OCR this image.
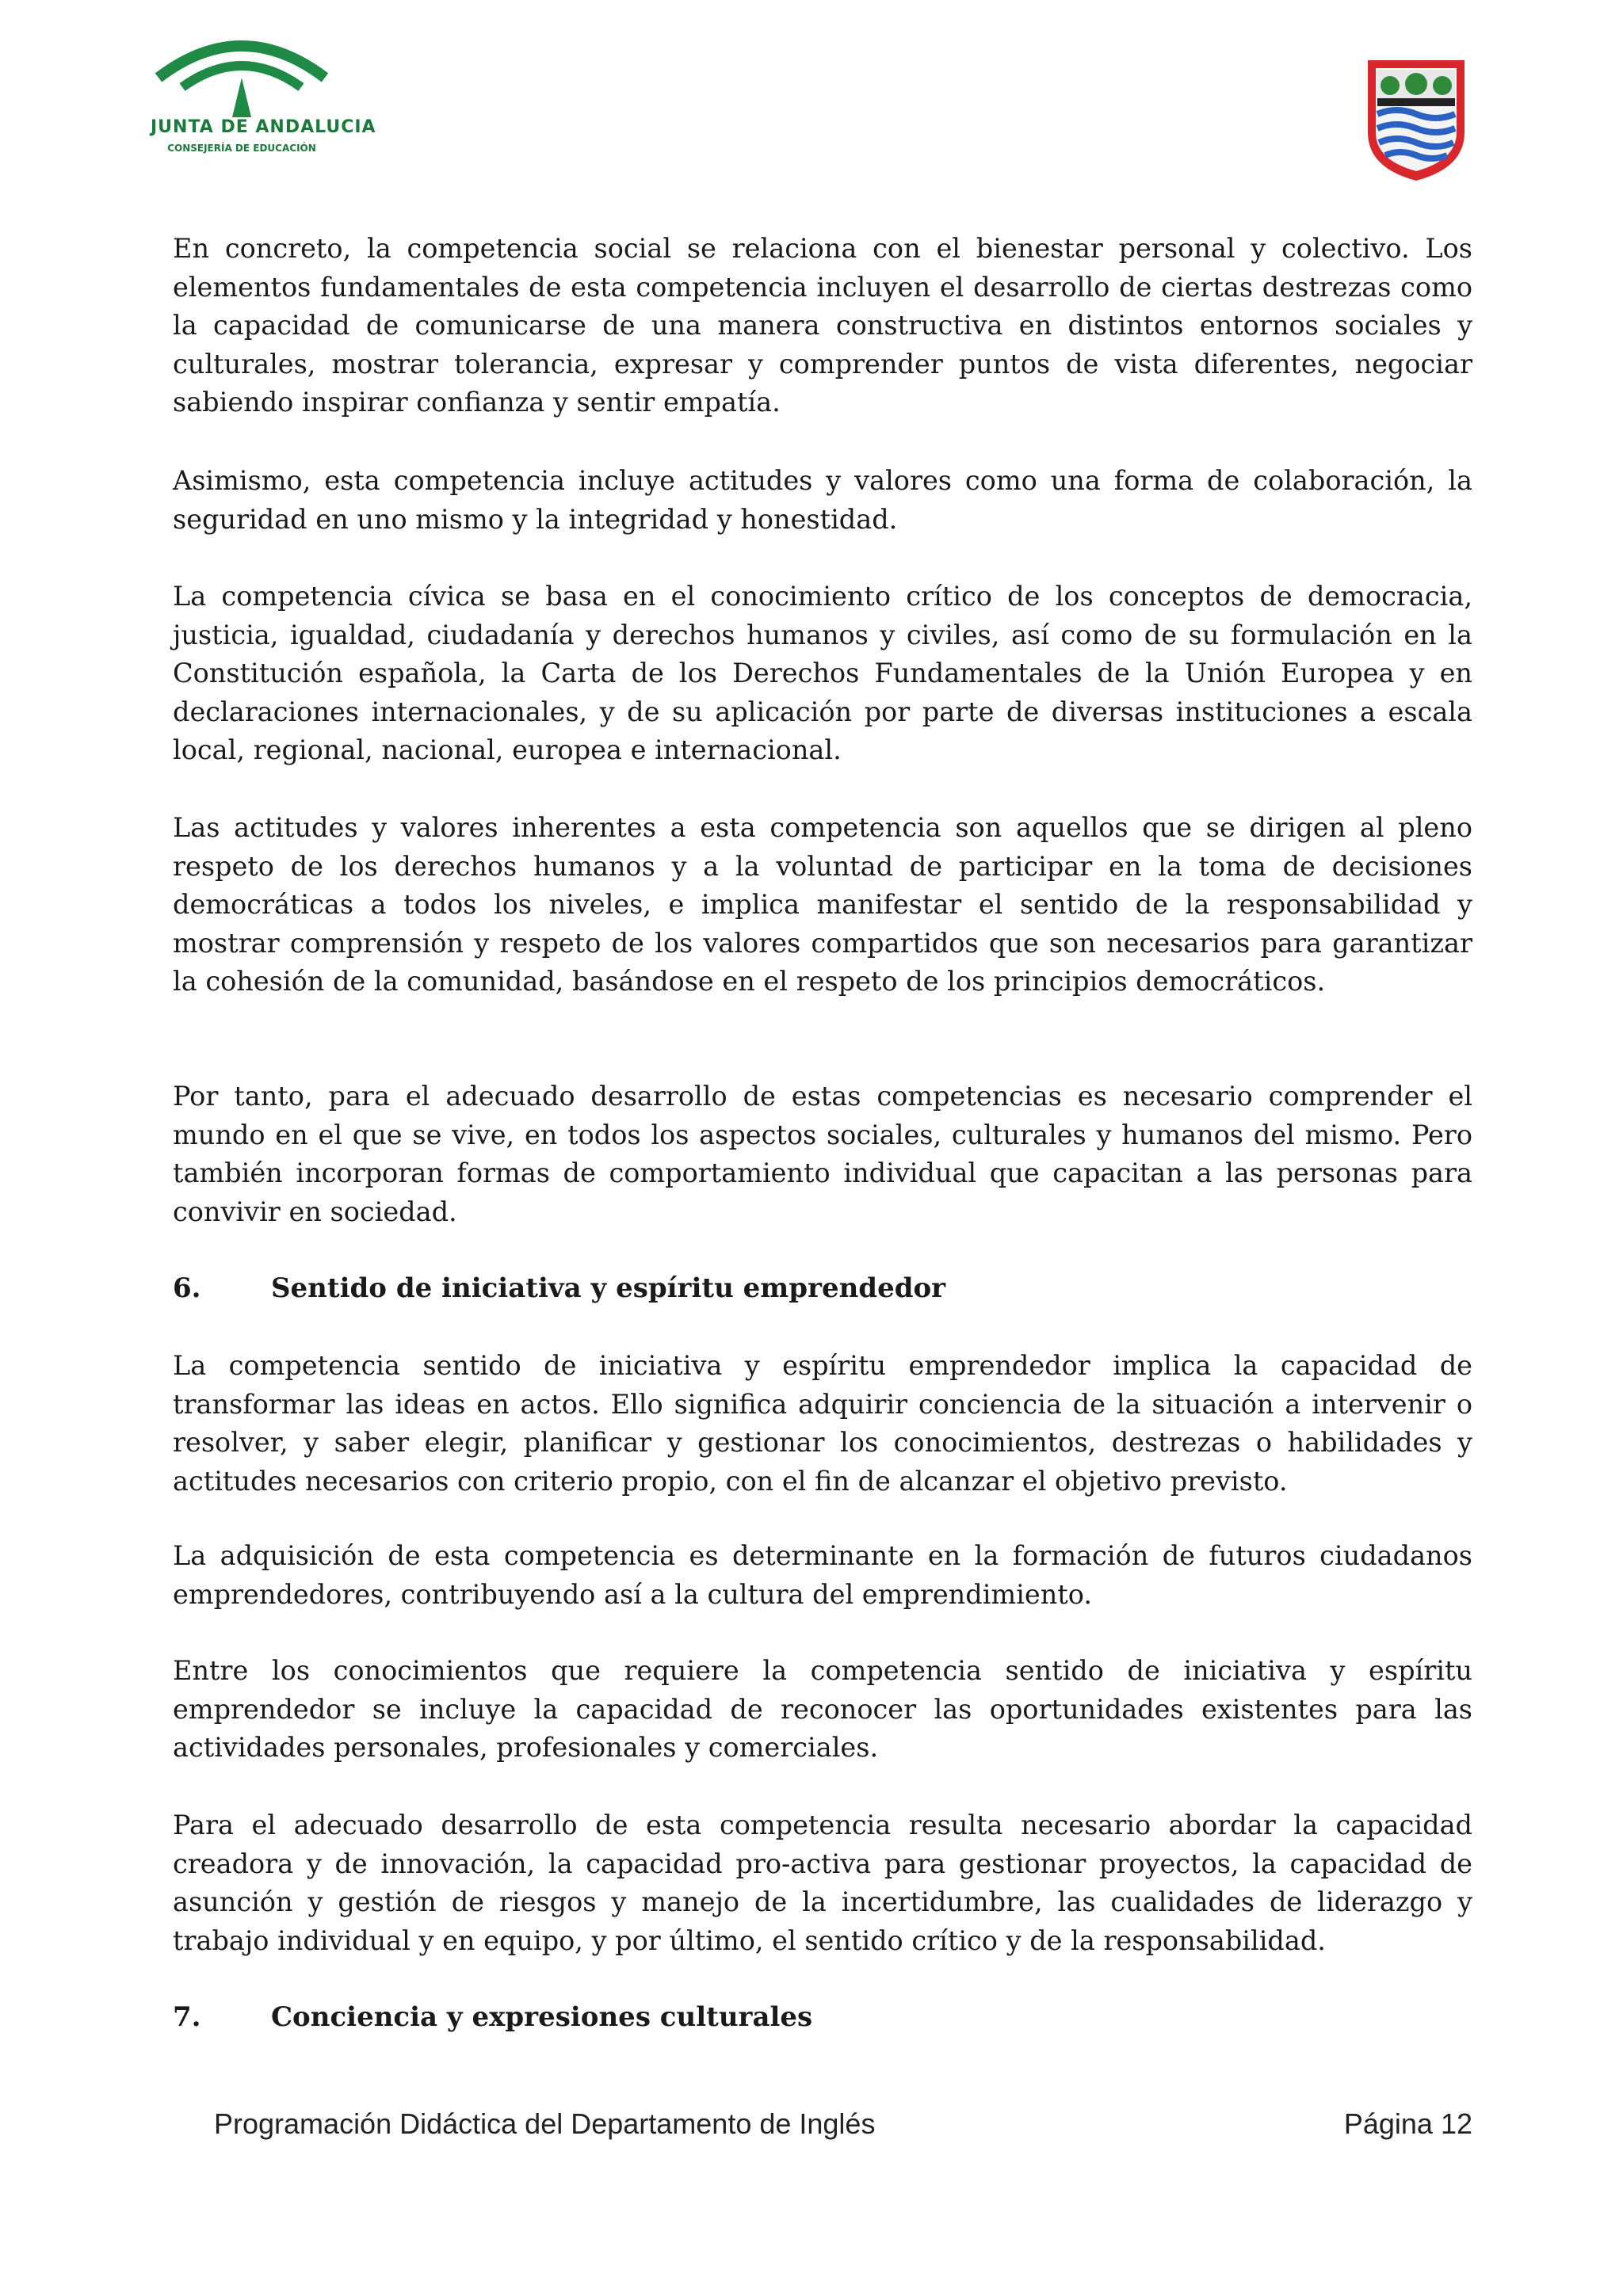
JUNTA DE ANDALUCIA
CONSEJERÍA DE EDUCACIÓN

En concreto, la competencia social se relaciona con el bienestar personal y colectivo. Los elementos fundamentales de esta competencia incluyen el desarrollo de ciertas destrezas como la capacidad de comunicarse de una manera constructiva en distintos entornos sociales y culturales, mostrar tolerancia, expresar y comprender puntos de vista diferentes, negociar sabiendo inspirar confianza y sentir empatía.

Asimismo, esta competencia incluye actitudes y valores como una forma de colaboración, la seguridad en uno mismo y la integridad y honestidad.

La competencia cívica se basa en el conocimiento crítico de los conceptos de democracia, justicia, igualdad, ciudadanía y derechos humanos y civiles, así como de su formulación en la Constitución española, la Carta de los Derechos Fundamentales de la Unión Europea y en declaraciones internacionales, y de su aplicación por parte de diversas instituciones a escala local, regional, nacional, europea e internacional.

Las actitudes y valores inherentes a esta competencia son aquellos que se dirigen al pleno respeto de los derechos humanos y a la voluntad de participar en la toma de decisiones democráticas a todos los niveles, e implica manifestar el sentido de la responsabilidad y mostrar comprensión y respeto de los valores compartidos que son necesarios para garantizar la cohesión de la comunidad, basándose en el respeto de los principios democráticos.

Por tanto, para el adecuado desarrollo de estas competencias es necesario comprender el mundo en el que se vive, en todos los aspectos sociales, culturales y humanos del mismo. Pero también incorporan formas de comportamiento individual que capacitan a las personas para convivir en sociedad.

6.	Sentido de iniciativa y espíritu emprendedor

La competencia sentido de iniciativa y espíritu emprendedor implica la capacidad de transformar las ideas en actos. Ello significa adquirir conciencia de la situación a intervenir o resolver, y saber elegir, planificar y gestionar los conocimientos, destrezas o habilidades y actitudes necesarios con criterio propio, con el fin de alcanzar el objetivo previsto.

La adquisición de esta competencia es determinante en la formación de futuros ciudadanos emprendedores, contribuyendo así a la cultura del emprendimiento.

Entre los conocimientos que requiere la competencia sentido de iniciativa y espíritu emprendedor se incluye la capacidad de reconocer las oportunidades existentes para las actividades personales, profesionales y comerciales.

Para el adecuado desarrollo de esta competencia resulta necesario abordar la capacidad creadora y de innovación, la capacidad pro-activa para gestionar proyectos, la capacidad de asunción y gestión de riesgos y manejo de la incertidumbre, las cualidades de liderazgo y trabajo individual y en equipo, y por último, el sentido crítico y de la responsabilidad.

7.	Conciencia y expresiones culturales
Programación Didáctica del Departamento de Inglés	Página 12
